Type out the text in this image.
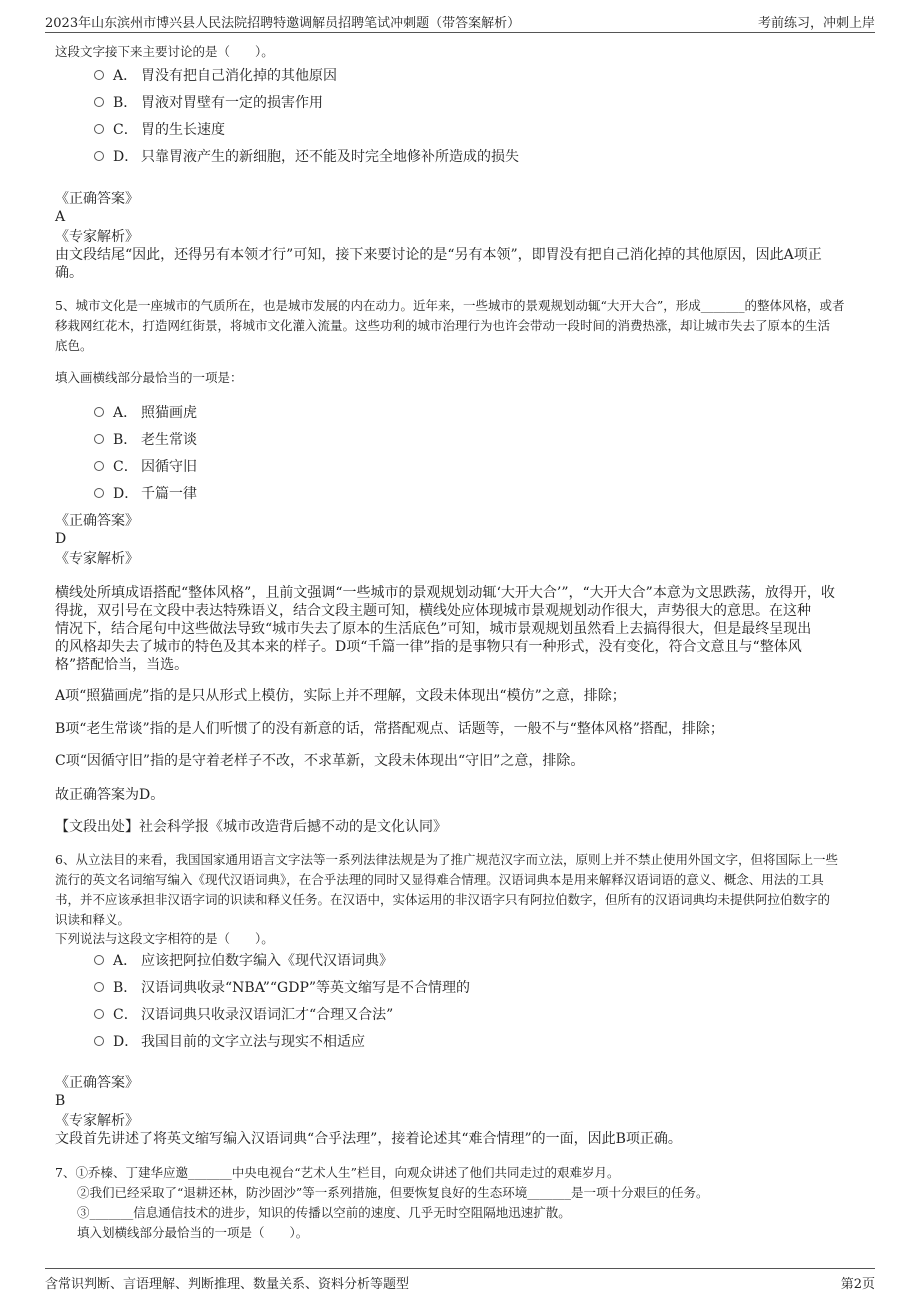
2023年山东滨州市博兴县人民法院招聘特邀调解员招聘笔试冲刺题（带答案解析）	考前练习，冲刺上岸
这段文字接下来主要讨论的是（　　）。
A． 胃没有把自己消化掉的其他原因
B． 胃液对胃壁有一定的损害作用
C． 胃的生长速度
D． 只靠胃液产生的新细胞，还不能及时完全地修补所造成的损失
《正确答案》
A
《专家解析》
由文段结尾“因此，还得另有本领才行”可知，接下来要讨论的是“另有本领”，即胃没有把自己消化掉的其他原因，因此A项正
确。
5、城市文化是一座城市的气质所在，也是城市发展的内在动力。近年来，一些城市的景观规划动辄“大开大合”，形成_______的整体风格，或者
移栽网红花木，打造网红街景，将城市文化灌入流量。这些功利的城市治理行为也许会带动一段时间的消费热涨，却让城市失去了原本的生活
底色。
填入画横线部分最恰当的一项是：
A． 照猫画虎
B． 老生常谈
C． 因循守旧
D． 千篇一律
《正确答案》
D
《专家解析》
横线处所填成语搭配“整体风格”，且前文强调“一些城市的景观规划动辄‘大开大合’”，“大开大合”本意为文思跌荡，放得开，收
得拢，双引号在文段中表达特殊语义，结合文段主题可知，横线处应体现城市景观规划动作很大，声势很大的意思。在这种
情况下，结合尾句中这些做法导致“城市失去了原本的生活底色”可知，城市景观规划虽然看上去搞得很大，但是最终呈现出
的风格却失去了城市的特色及其本来的样子。D项“千篇一律”指的是事物只有一种形式，没有变化，符合文意且与“整体风
格”搭配恰当，当选。
A项“照猫画虎”指的是只从形式上模仿，实际上并不理解，文段未体现出“模仿”之意，排除；
B项“老生常谈”指的是人们听惯了的没有新意的话，常搭配观点、话题等，一般不与“整体风格”搭配，排除；
C项“因循守旧”指的是守着老样子不改，不求革新，文段未体现出“守旧”之意，排除。
故正确答案为D。
【文段出处】社会科学报《城市改造背后撼不动的是文化认同》
6、从立法目的来看，我国国家通用语言文字法等一系列法律法规是为了推广规范汉字而立法，原则上并不禁止使用外国文字，但将国际上一些
流行的英文名词缩写编入《现代汉语词典》，在合乎法理的同时又显得难合情理。汉语词典本是用来解释汉语词语的意义、概念、用法的工具
书，并不应该承担非汉语字词的识读和释义任务。在汉语中，实体运用的非汉语字只有阿拉伯数字，但所有的汉语词典均未提供阿拉伯数字的
识读和释义。
下列说法与这段文字相符的是（　　）。
A． 应该把阿拉伯数字编入《现代汉语词典》
B． 汉语词典收录“NBA”“GDP”等英文缩写是不合情理的
C． 汉语词典只收录汉语词汇才“合理又合法”
D． 我国目前的文字立法与现实不相适应
《正确答案》
B
《专家解析》
文段首先讲述了将英文缩写编入汉语词典“合乎法理”，接着论述其“难合情理”的一面，因此B项正确。
7、①乔榛、丁建华应邀_______中央电视台“艺术人生”栏目，向观众讲述了他们共同走过的艰难岁月。
②我们已经采取了“退耕还林，防沙固沙”等一系列措施，但要恢复良好的生态环境_______是一项十分艰巨的任务。
③_______信息通信技术的进步，知识的传播以空前的速度、几乎无时空阻隔地迅速扩散。
填入划横线部分最恰当的一项是（　　）。
含常识判断、言语理解、判断推理、数量关系、资料分析等题型	第2页
